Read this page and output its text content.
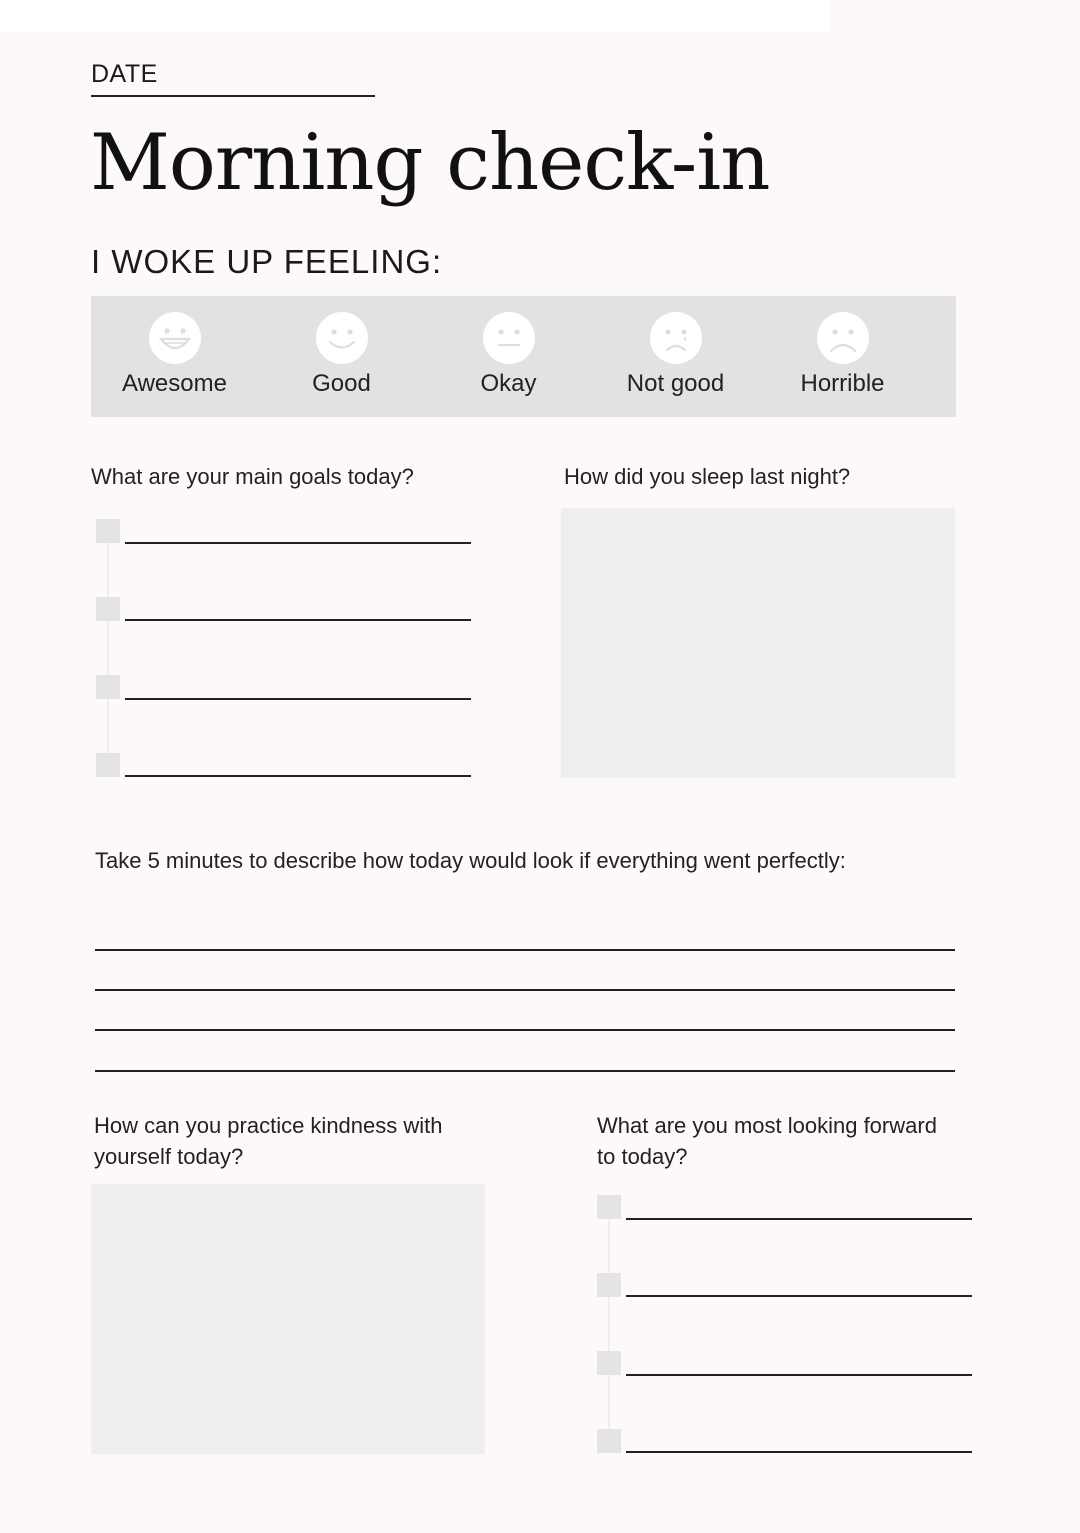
DATE
Morning check-in
I WOKE UP FEELING:
Awesome	Good	Okay	Not good	Horrible
What are your main goals today?	How did you sleep last night?
Take 5 minutes to describe how today would look if everything went perfectly:
How can you practice kindness with yourself today?
What are you most looking forward to today?
